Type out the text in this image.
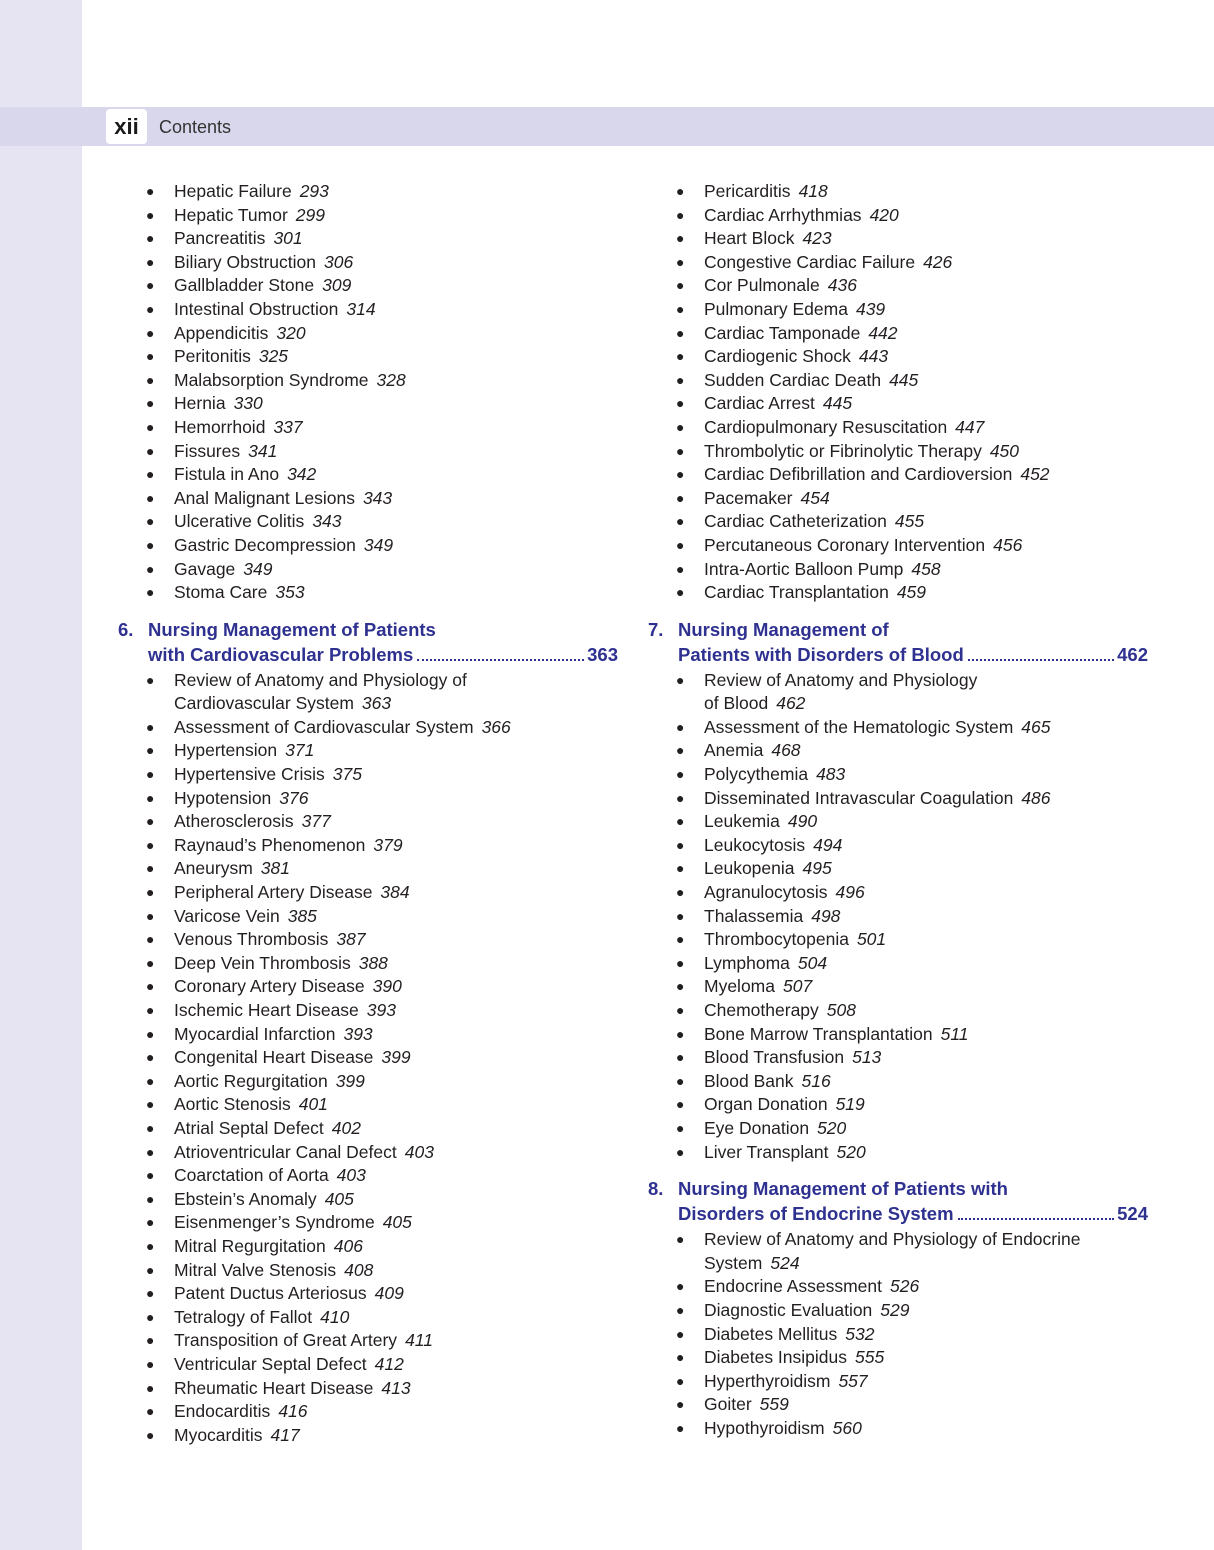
xii	Contents
● Hepatic Failure 293
● Hepatic Tumor 299
● Pancreatitis 301
● Biliary Obstruction 306
● Gallbladder Stone 309
● Intestinal Obstruction 314
● Appendicitis 320
● Peritonitis 325
● Malabsorption Syndrome 328
● Hernia 330
● Hemorrhoid 337
● Fissures 341
● Fistula in Ano 342
● Anal Malignant Lesions 343
● Ulcerative Colitis 343
● Gastric Decompression 349
● Gavage 349
● Stoma Care 353
6. Nursing Management of Patients
with Cardiovascular Problems	363
● Review of Anatomy and Physiology of
Cardiovascular System 363
● Assessment of Cardiovascular System 366
● Hypertension 371
● Hypertensive Crisis 375
● Hypotension 376
● Atherosclerosis 377
● Raynaud’s Phenomenon 379
● Aneurysm 381
● Peripheral Artery Disease 384
● Varicose Vein 385
● Venous Thrombosis 387
● Deep Vein Thrombosis 388
● Coronary Artery Disease 390
● Ischemic Heart Disease 393
● Myocardial Infarction 393
● Congenital Heart Disease 399
● Aortic Regurgitation 399
● Aortic Stenosis 401
● Atrial Septal Defect 402
● Atrioventricular Canal Defect 403
● Coarctation of Aorta 403
● Ebstein’s Anomaly 405
● Eisenmenger’s Syndrome 405
● Mitral Regurgitation 406
● Mitral Valve Stenosis 408
● Patent Ductus Arteriosus 409
● Tetralogy of Fallot 410
● Transposition of Great Artery 411
● Ventricular Septal Defect 412
● Rheumatic Heart Disease 413
● Endocarditis 416
● Myocarditis 417
● Pericarditis 418
● Cardiac Arrhythmias 420
● Heart Block 423
● Congestive Cardiac Failure 426
● Cor Pulmonale 436
● Pulmonary Edema 439
● Cardiac Tamponade 442
● Cardiogenic Shock 443
● Sudden Cardiac Death 445
● Cardiac Arrest 445
● Cardiopulmonary Resuscitation 447
● Thrombolytic or Fibrinolytic Therapy 450
● Cardiac Defibrillation and Cardioversion 452
● Pacemaker 454
● Cardiac Catheterization 455
● Percutaneous Coronary Intervention 456
● Intra-Aortic Balloon Pump 458
● Cardiac Transplantation 459
7. Nursing Management of
Patients with Disorders of Blood	462
● Review of Anatomy and Physiology
of Blood 462
● Assessment of the Hematologic System 465
● Anemia 468
● Polycythemia 483
● Disseminated Intravascular Coagulation 486
● Leukemia 490
● Leukocytosis 494
● Leukopenia 495
● Agranulocytosis 496
● Thalassemia 498
● Thrombocytopenia 501
● Lymphoma 504
● Myeloma 507
● Chemotherapy 508
● Bone Marrow Transplantation 511
● Blood Transfusion 513
● Blood Bank 516
● Organ Donation 519
● Eye Donation 520
● Liver Transplant 520
8. Nursing Management of Patients with
Disorders of Endocrine System	524
● Review of Anatomy and Physiology of Endocrine
System 524
● Endocrine Assessment 526
● Diagnostic Evaluation 529
● Diabetes Mellitus 532
● Diabetes Insipidus 555
● Hyperthyroidism 557
● Goiter 559
● Hypothyroidism 560
